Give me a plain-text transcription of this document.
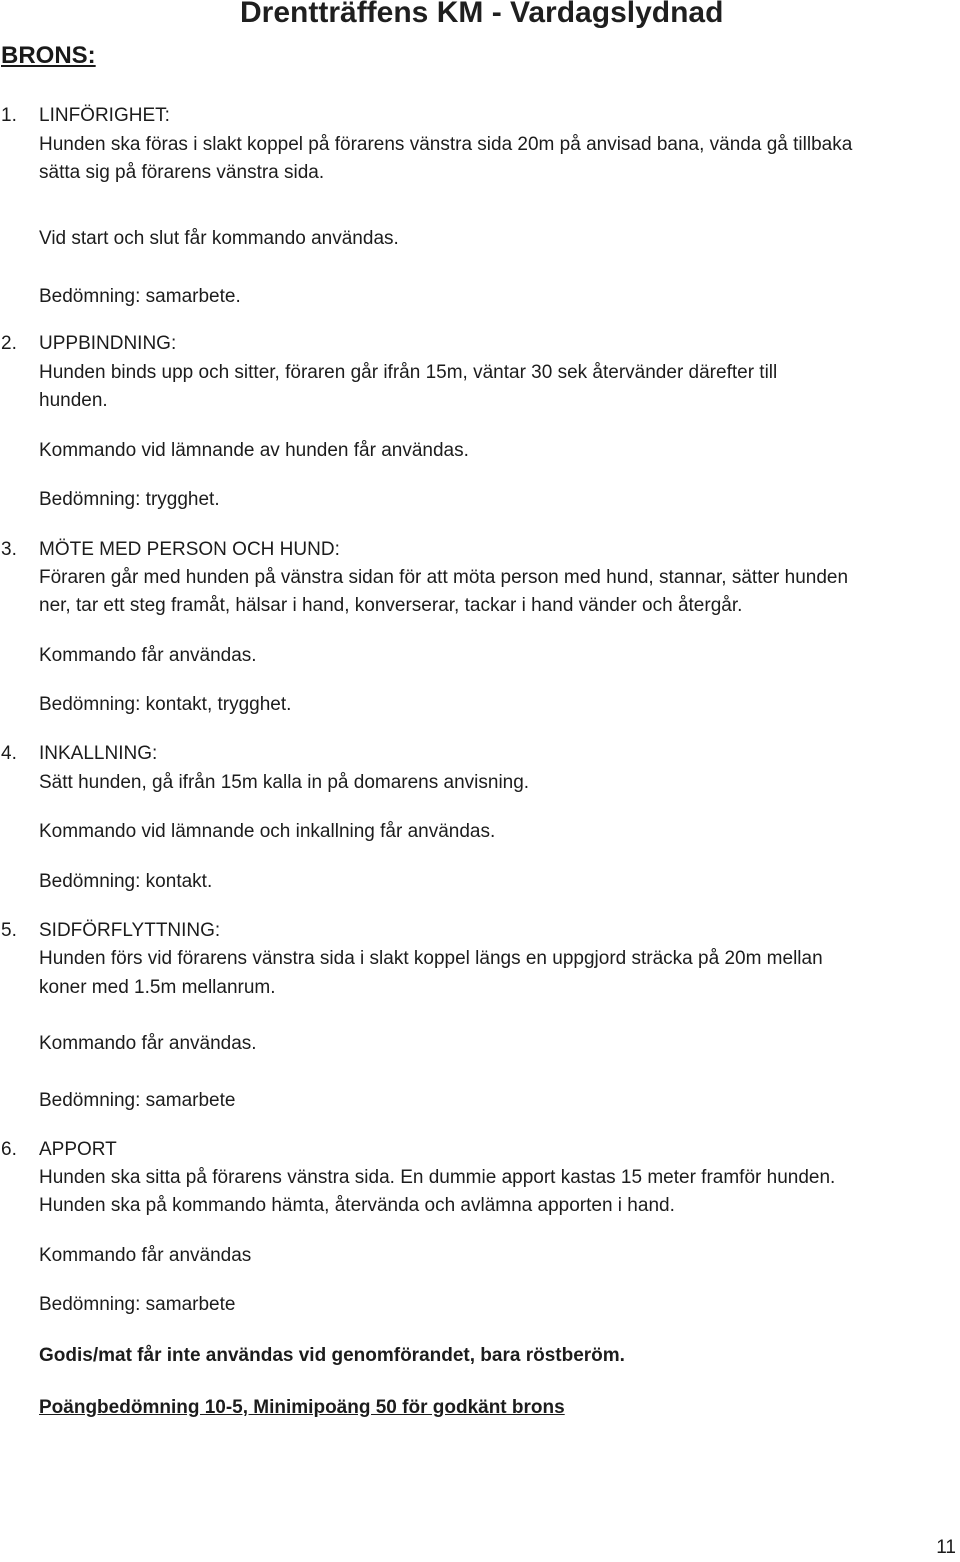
Drentträffens KM - Vardagslydnad
BRONS:
1. LINFÖRIGHET:
Hunden ska föras i slakt koppel på förarens vänstra sida 20m på anvisad bana, vända gå tillbaka
sätta sig på förarens vänstra sida.
Vid start och slut får kommando användas.
Bedömning: samarbete.
2. UPPBINDNING:
Hunden binds upp och sitter, föraren går ifrån 15m, väntar 30 sek återvänder därefter till
hunden.
Kommando vid lämnande av hunden får användas.
Bedömning: trygghet.
3. MÖTE MED PERSON OCH HUND:
Föraren går med hunden på vänstra sidan för att möta person med hund, stannar, sätter hunden
ner, tar ett steg framåt, hälsar i hand, konverserar, tackar i hand vänder och återgår.
Kommando får användas.
Bedömning: kontakt, trygghet.
4. INKALLNING:
Sätt hunden, gå ifrån 15m kalla in på domarens anvisning.
Kommando vid lämnande och inkallning får användas.
Bedömning: kontakt.
5. SIDFÖRFLYTTNING:
Hunden förs vid förarens vänstra sida i slakt koppel längs en uppgjord sträcka på 20m mellan
koner med 1.5m mellanrum.
Kommando får användas.
Bedömning: samarbete
6. APPORT
Hunden ska sitta på förarens vänstra sida. En dummie apport kastas 15 meter framför hunden.
Hunden ska på kommando hämta, återvända och avlämna apporten i hand.
Kommando får användas
Bedömning: samarbete
Godis/mat får inte användas vid genomförandet, bara röstberöm.
Poängbedömning 10-5, Minimipoäng 50 för godkänt brons
11
